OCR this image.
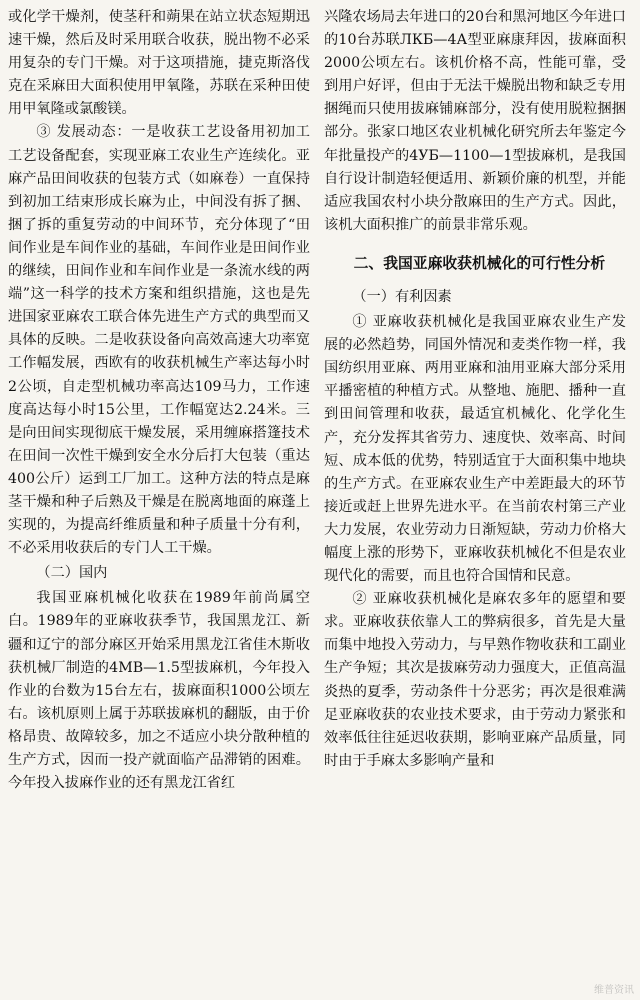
或化学干燥剂，使茎秆和蒴果在站立状态短期迅速干燥，然后及时采用联合收获，脱出物不必采用复杂的专门干燥。对于这项措施，捷克斯洛伐克在采麻田大面积使用甲氧隆，苏联在采种田使用甲氧隆或氯酸镁。

③ 发展动态：一是收获工艺设备用初加工工艺设备配套，实现亚麻工农业生产连续化。亚麻产品田间收获的包装方式（如麻卷）一直保持到初加工结束形成长麻为止，中间没有拆了捆、捆了拆的重复劳动的中间环节，充分体现了“田间作业是车间作业的基础，车间作业是田间作业的继续，田间作业和车间作业是一条流水线的两端”这一科学的技术方案和组织措施，这也是先进国家亚麻农工联合体先进生产方式的典型而又具体的反映。二是收获设备向高效高速大功率宽工作幅发展，西欧有的收获机械生产率达每小时2公顷，自走型机械功率高达109马力，工作速度高达每小时15公里，工作幅宽达2.24米。三是向田间实现彻底干燥发展，采用缠麻搭篷技术在田间一次性干燥到安全水分后打大包装（重达400公斤）运到工厂加工。这种方法的特点是麻茎干燥和种子后熟及干燥是在脱离地面的麻蓬上实现的，为提高纤维质量和种子质量十分有利，不必采用收获后的专门人工干燥。

（二）国内

我国亚麻机械化收获在1989年前尚属空白。1989年的亚麻收获季节，我国黑龙江、新疆和辽宁的部分麻区开始采用黑龙江省佳木斯收获机械厂制造的4MB—1.5型拔麻机，今年投入作业的台数为15台左右，拔麻面积1000公顷左右。该机原则上属于苏联拔麻机的翻版，由于价格昂贵、故障较多，加之不适应小块分散种植的生产方式，因而一投产就面临产品滞销的困难。今年投入拔麻作业的还有黑龙江省红

兴隆农场局去年进口的20台和黑河地区今年进口的10台苏联ЛКБ—4А型亚麻康拜因，拔麻面积2000公顷左右。该机价格不高，性能可靠，受到用户好评，但由于无法干燥脱出物和缺乏专用捆绳而只使用拔麻铺麻部分，没有使用脱粒捆捆部分。张家口地区农业机械化研究所去年鉴定今年批量投产的4УБ—1100—1型拔麻机，是我国自行设计制造轻便适用、新颖价廉的机型，并能适应我国农村小块分散麻田的生产方式。因此，该机大面积推广的前景非常乐观。

二、我国亚麻收获机械化的可行性分析

（一）有利因素

① 亚麻收获机械化是我国亚麻农业生产发展的必然趋势，同国外情况和麦类作物一样，我国纺织用亚麻、两用亚麻和油用亚麻大部分采用平播密植的种植方式。从整地、施肥、播种一直到田间管理和收获，最适宜机械化、化学化生产，充分发挥其省劳力、速度快、效率高、时间短、成本低的优势，特别适宜于大面积集中地块的生产方式。在亚麻农业生产中差距最大的环节接近或赶上世界先进水平。在当前农村第三产业大力发展，农业劳动力日渐短缺，劳动力价格大幅度上涨的形势下，亚麻收获机械化不但是农业现代化的需要，而且也符合国情和民意。

② 亚麻收获机械化是麻农多年的愿望和要求。亚麻收获依靠人工的弊病很多，首先是大量而集中地投入劳动力，与早熟作物收获和工副业生产争短；其次是拔麻劳动力强度大，正值高温炎热的夏季，劳动条件十分恶劣；再次是很难满足亚麻收获的农业技术要求，由于劳动力紧张和效率低往往延迟收获期，影响亚麻产品质量，同时由于手麻太多影响产量和

维普资讯
